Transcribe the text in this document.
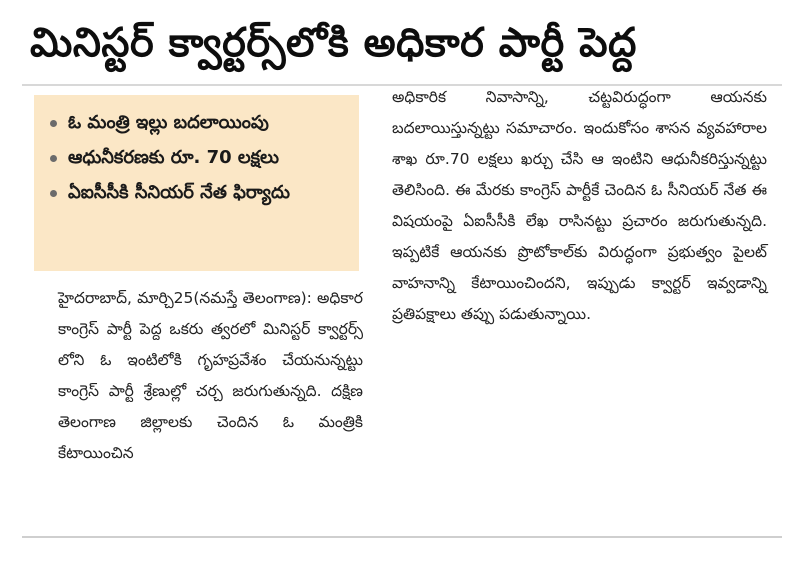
మినిస్టర్ క్వార్టర్స్‌లోకి అధికార పార్టీ పెద్ద
ఓ మంత్రి ఇల్లు బదలాయింపు
ఆధునీకరణకు రూ. 70 లక్షలు
ఏఐసీసీకి సీనియర్ నేత ఫిర్యాదు
హైదరాబాద్, మార్చి25(నమస్తే తెలంగాణ): అధికార కాంగ్రెస్ పార్టీ పెద్ద ఒకరు త్వరలో మినిస్టర్ క్వార్టర్స్ లోని ఓ ఇంటిలోకి గృహప్రవేశం చేయనున్నట్టు కాంగ్రెస్ పార్టీ శ్రేణుల్లో చర్చ జరుగుతున్నది. దక్షిణ తెలంగాణ జిల్లాలకు చెందిన ఓ మంత్రికి కేటాయించిన
అధికారిక నివాసాన్ని, చట్టవిరుద్ధంగా ఆయనకు బదలాయిస్తున్నట్టు సమాచారం. ఇందుకోసం శాసన వ్యవహారాల శాఖ రూ.70 లక్షలు ఖర్చు చేసి ఆ ఇంటిని ఆధునీకరిస్తున్నట్టు తెలిసింది. ఈ మేరకు కాంగ్రెస్ పార్టీకే చెందిన ఓ సీనియర్ నేత ఈ విషయంపై ఏఐసీసీకి లేఖ రాసినట్టు ప్రచారం జరుగుతున్నది. ఇప్పటికే ఆయనకు ప్రొటోకాల్‌కు విరుద్ధంగా ప్రభుత్వం పైలట్ వాహనాన్ని కేటాయించిందని, ఇప్పుడు క్వార్టర్ ఇవ్వడాన్ని ప్రతిపక్షాలు తప్పు పడుతున్నాయి.
